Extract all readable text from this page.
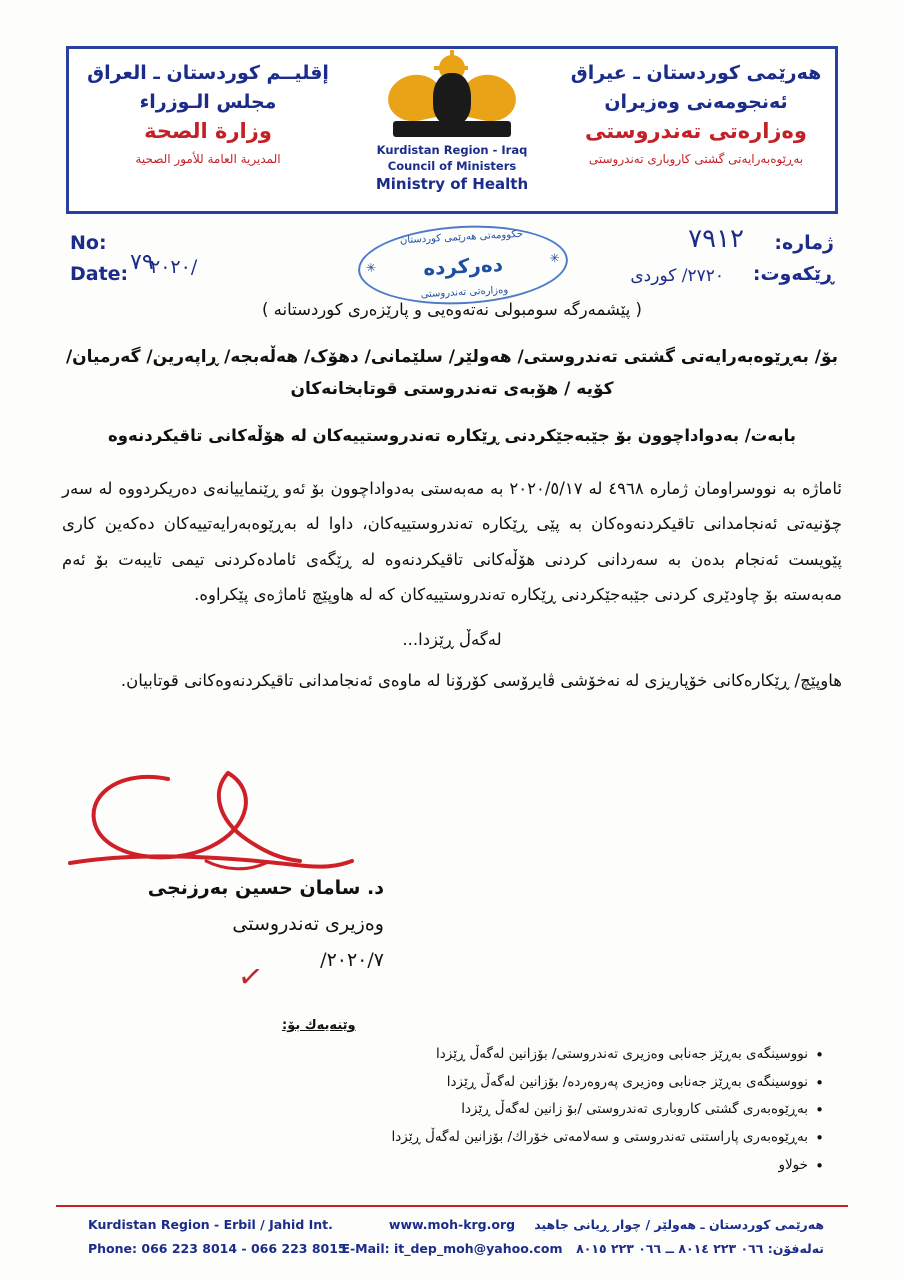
هەرێمی کوردستان ـ عیراق
ئەنجومەنی وەزیران
وەزارەتی تەندروستی
بەڕێوەبەرایەتی گشتی کاروباری تەندروستی
Kurdistan Region - Iraq
Council of Ministers
Ministry of Health
إقليــم كوردستان ـ العراق
مجلس الـوزراء
وزارة الصحة
المديرية العامة للأمور الصحية
No:
Date: ٧٩
٢٠٢٠/
ژمارە:
ڕێکەوت:
٧٩١٢
٢٧٢٠/ کوردی
حکوومەتی هەرێمی کوردستان
دەرکردە
وەزارەتی تەندروستی
✳
✳
( پێشمەرگە سومبولی نەتەوەیی و پارێزەری کوردستانە )
بۆ/ بەڕێوەبەرایەتی گشتی تەندروستی/ هەولێر/ سلێمانی/ دهۆک/ هەڵەبجە/ ڕاپەرین/ گەرمیان/ کۆیە / هۆبەی تەندروستی قوتابخانەکان
بابەت/ بەدواداچوون بۆ جێبەجێکردنی ڕێکارە تەندروستییەکان لە هۆڵەکانی تاقیکردنەوە
ئاماژە بە نووسراومان ژمارە ٤٩٦٨ لە ٢٠٢٠/٥/١٧ بە مەبەستی بەدواداچوون بۆ ئەو ڕێنماییانەی دەریکردووە لە سەر چۆنیەتی ئەنجامدانی تاقیکردنەوەکان بە پێی ڕێکارە تەندروستییەکان، داوا لە بەڕێوەبەرایەتییەکان دەکەین کاری پێویست ئەنجام بدەن بە سەردانی کردنی هۆڵەکانی تاقیکردنەوە لە ڕێگەی ئامادەکردنی تیمی تایبەت بۆ ئەم مەبەستە بۆ چاودێری کردنی جێبەجێکردنی ڕێکارە تەندروستییەکان کە لە هاوپێچ ئاماژەی پێکراوە.
لەگەڵ ڕێزدا...
هاوپێچ/ ڕێکارەکانی خۆپاریزی لە نەخۆشی ڤایرۆسی کۆرۆنا لە ماوەی ئەنجامدانی تاقیکردنەوەکانی قوتابیان.
د. سامان حسین بەرزنجی
وەزیری تەندروستی
٢٠٢٠/٧/
✓
وێنەیەك بۆ:
• نووسینگەی بەڕێز جەنابی وەزیری تەندروستی/ بۆزانین لەگەڵ ڕێزدا
• نووسینگەی بەڕێز جەنابی وەزیری پەروەردە/ بۆزانین لەگەڵ ڕێزدا
• بەڕێوەبەری گشتی کاروباری تەندروستی /بۆ زانین لەگەڵ ڕێزدا
• بەڕێوەبەری پاراستنی تەندروستی و سەلامەتی خۆراك/ بۆزانین لەگەڵ ڕێزدا
• خولاو
Kurdistan Region - Erbil / Jahid Int.
Phone: 066 223 8014 - 066 223 8015
www.moh-krg.org
E-Mail: it_dep_moh@yahoo.com
هەرێمی کوردستان ـ هەولێر / چوار ڕیانی جاهید
تەلەفۆن: ٠٦٦ ٢٢٣ ٨٠١٤ ــ ٠٦٦ ٢٢٣ ٨٠١٥
